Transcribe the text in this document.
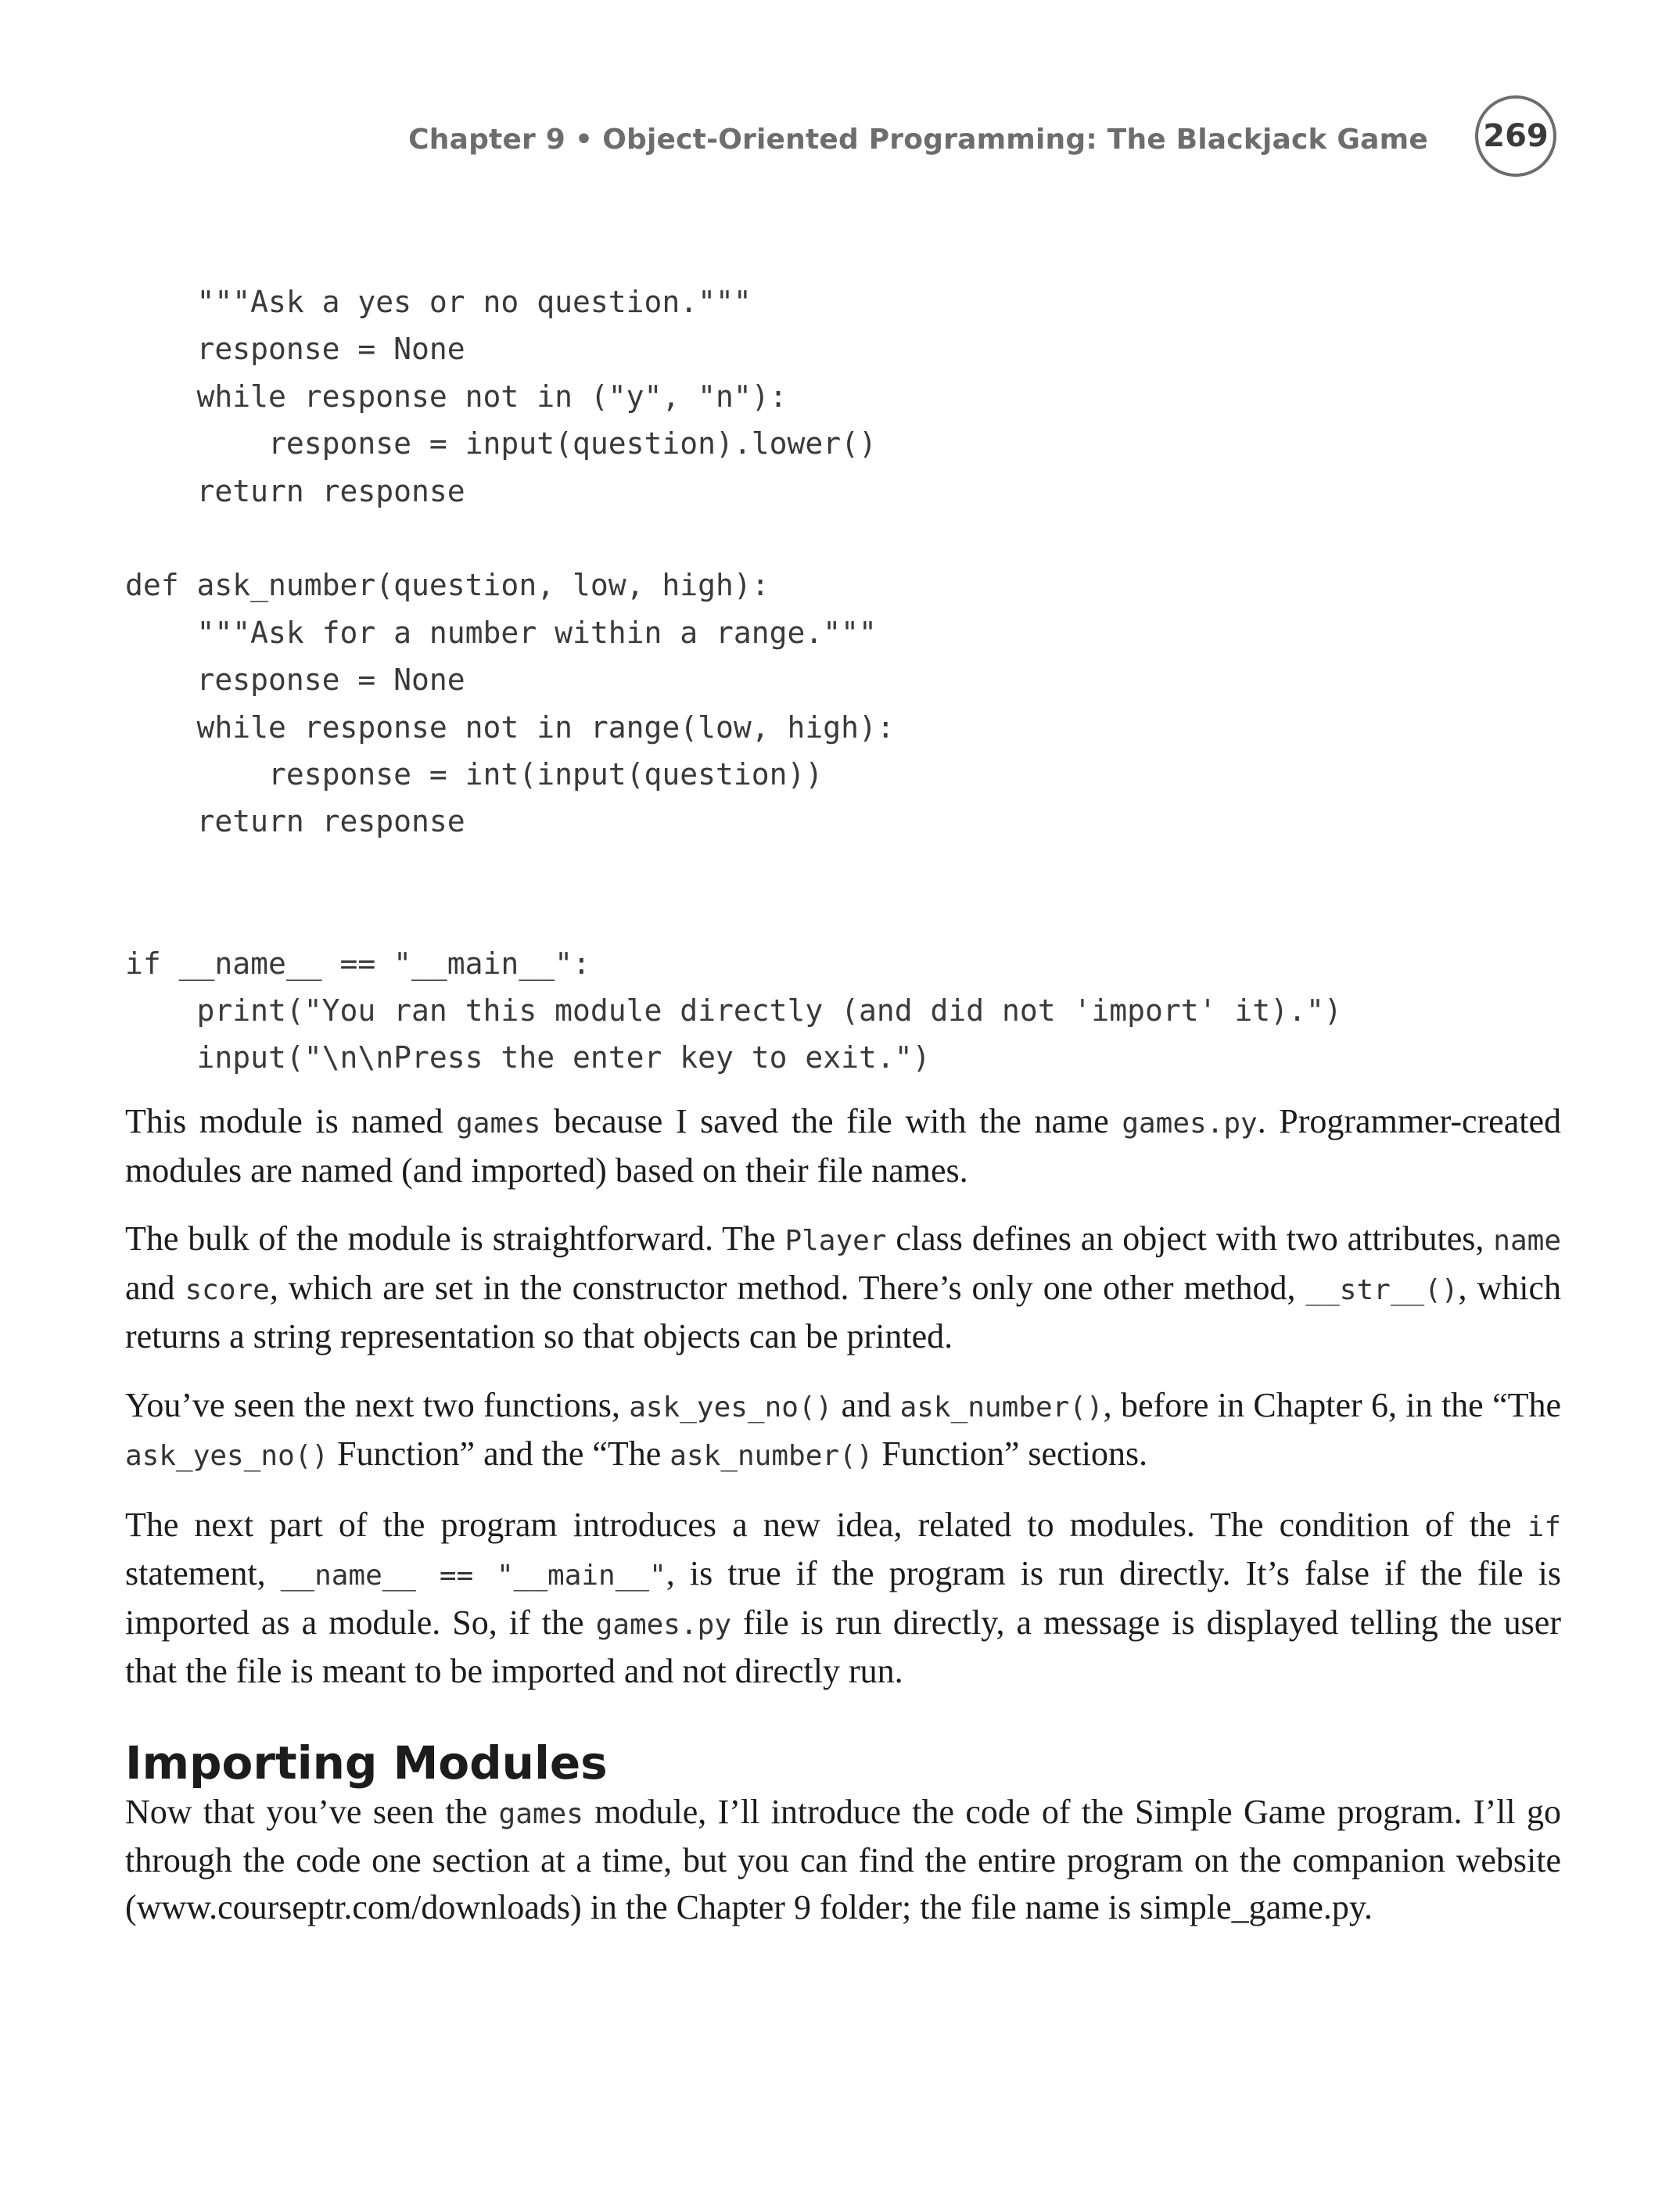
Chapter 9 • Object-Oriented Programming: The Blackjack Game 269
"""Ask a yes or no question."""
response = None
while response not in ("y", "n"):
response = input(question).lower()
return response
def ask_number(question, low, high):
"""Ask for a number within a range."""
response = None
while response not in range(low, high):
response = int(input(question))
return response
if __name__ == "__main__":
print("You ran this module directly (and did not 'import' it).")
input("\n\nPress the enter key to exit.")

This module is named games because I saved the file with the name games.py. Programmer-created modules are named (and imported) based on their file names.

The bulk of the module is straightforward. The Player class defines an object with two attributes, name and score, which are set in the constructor method. There’s only one other method, __str__(), which returns a string representation so that objects can be printed.

You’ve seen the next two functions, ask_yes_no() and ask_number(), before in Chapter 6, in the “The ask_yes_no() Function” and the “The ask_number() Function” sections.

The next part of the program introduces a new idea, related to modules. The condition of the if statement, __name__ == "__main__", is true if the program is run directly. It’s false if the file is imported as a module. So, if the games.py file is run directly, a message is displayed telling the user that the file is meant to be imported and not directly run.

Importing Modules

Now that you’ve seen the games module, I’ll introduce the code of the Simple Game program. I’ll go through the code one section at a time, but you can find the entire program on the companion website (www.courseptr.com/downloads) in the Chapter 9 folder; the file name is simple_game.py.
